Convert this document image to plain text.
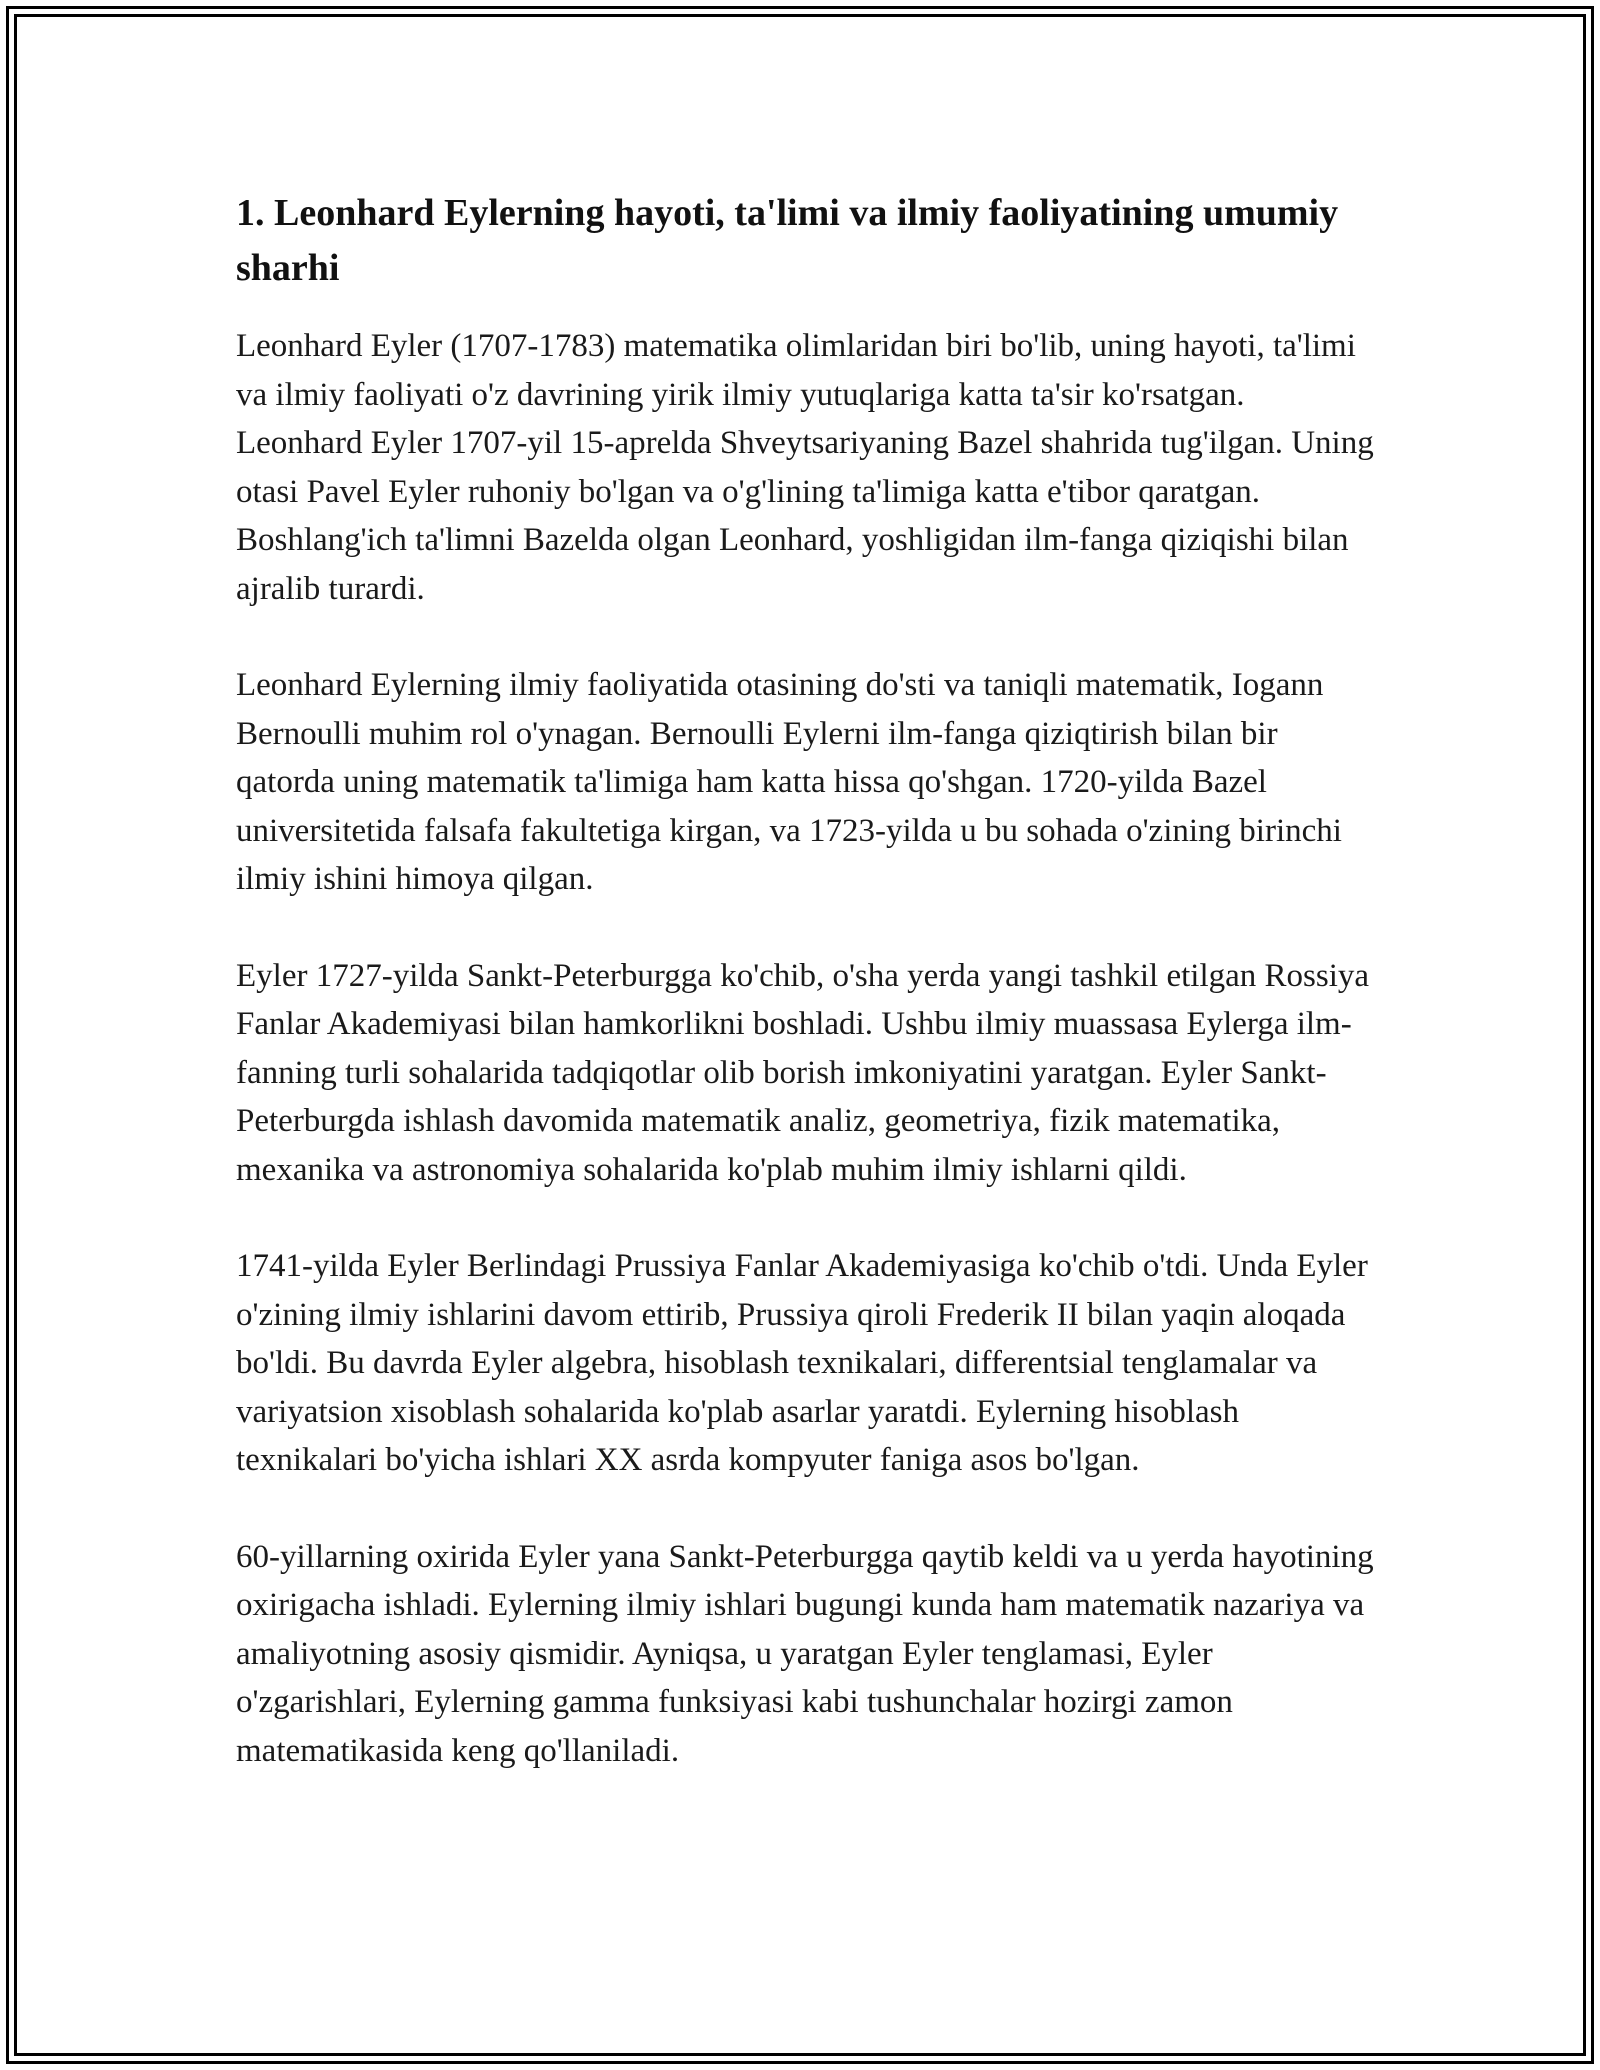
1. Leonhard Eylerning hayoti, ta'limi va ilmiy faoliyatining umumiy sharhi

Leonhard Eyler (1707-1783) matematika olimlaridan biri bo'lib, uning hayoti, ta'limi va ilmiy faoliyati o'z davrining yirik ilmiy yutuqlariga katta ta'sir ko'rsatgan. Leonhard Eyler 1707-yil 15-aprelda Shveytsariyaning Bazel shahrida tug'ilgan. Uning otasi Pavel Eyler ruhoniy bo'lgan va o'g'lining ta'limiga katta e'tibor qaratgan. Boshlang'ich ta'limni Bazelda olgan Leonhard, yoshligidan ilm-fanga qiziqishi bilan ajralib turardi.

Leonhard Eylerning ilmiy faoliyatida otasining do'sti va taniqli matematik, Iogann Bernoulli muhim rol o'ynagan. Bernoulli Eylerni ilm-fanga qiziqtirish bilan bir qatorda uning matematik ta'limiga ham katta hissa qo'shgan. 1720-yilda Bazel universitetida falsafa fakultetiga kirgan, va 1723-yilda u bu sohada o'zining birinchi ilmiy ishini himoya qilgan.

Eyler 1727-yilda Sankt-Peterburgga ko'chib, o'sha yerda yangi tashkil etilgan Rossiya Fanlar Akademiyasi bilan hamkorlikni boshladi. Ushbu ilmiy muassasa Eylerga ilm-fanning turli sohalarida tadqiqotlar olib borish imkoniyatini yaratgan. Eyler Sankt-Peterburgda ishlash davomida matematik analiz, geometriya, fizik matematika, mexanika va astronomiya sohalarida ko'plab muhim ilmiy ishlarni qildi.

1741-yilda Eyler Berlindagi Prussiya Fanlar Akademiyasiga ko'chib o'tdi. Unda Eyler o'zining ilmiy ishlarini davom ettirib, Prussiya qiroli Frederik II bilan yaqin aloqada bo'ldi. Bu davrda Eyler algebra, hisoblash texnikalari, differentsial tenglamalar va variyatsion xisoblash sohalarida ko'plab asarlar yaratdi. Eylerning hisoblash texnikalari bo'yicha ishlari XX asrda kompyuter faniga asos bo'lgan.

60-yillarning oxirida Eyler yana Sankt-Peterburgga qaytib keldi va u yerda hayotining oxirigacha ishladi. Eylerning ilmiy ishlari bugungi kunda ham matematik nazariya va amaliyotning asosiy qismidir. Ayniqsa, u yaratgan Eyler tenglamasi, Eyler o'zgarishlari, Eylerning gamma funksiyasi kabi tushunchalar hozirgi zamon matematikasida keng qo'llaniladi.
